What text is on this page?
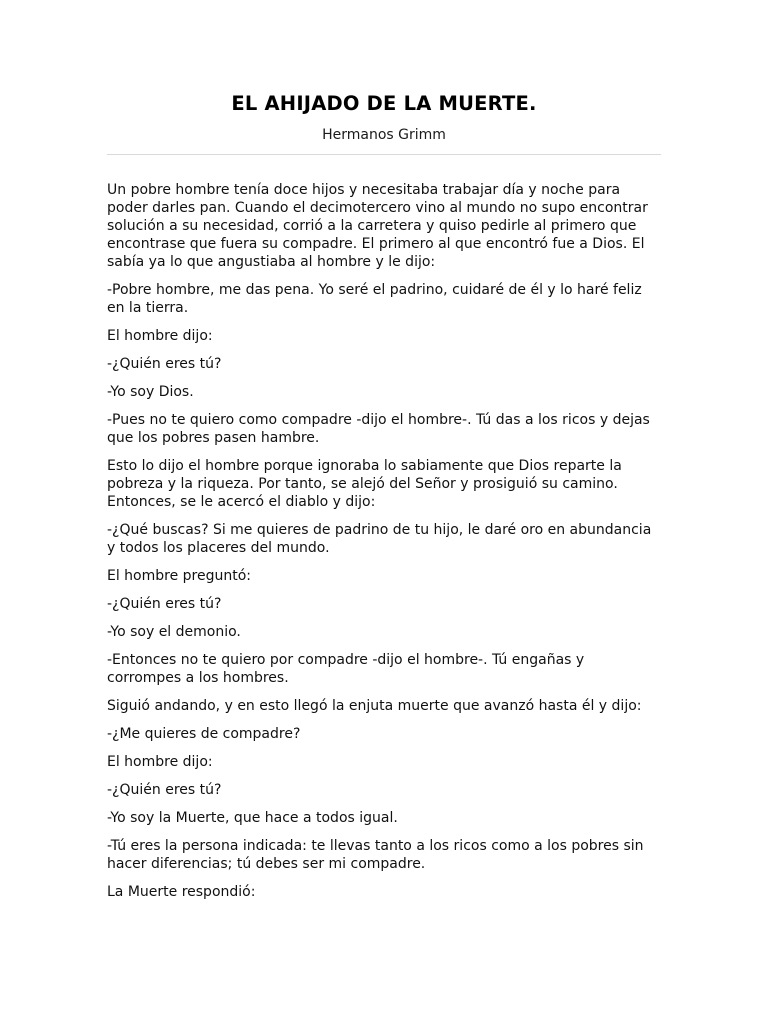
EL AHIJADO DE LA MUERTE.
Hermanos Grimm

Un pobre hombre tenía doce hijos y necesitaba trabajar día y noche para poder darles pan. Cuando el decimotercero vino al mundo no supo encontrar solución a su necesidad, corrió a la carretera y quiso pedirle al primero que encontrase que fuera su compadre. El primero al que encontró fue a Dios. El sabía ya lo que angustiaba al hombre y le dijo:

-Pobre hombre, me das pena. Yo seré el padrino, cuidaré de él y lo haré feliz en la tierra.

El hombre dijo:

-¿Quién eres tú?

-Yo soy Dios.

-Pues no te quiero como compadre -dijo el hombre-. Tú das a los ricos y dejas que los pobres pasen hambre.

Esto lo dijo el hombre porque ignoraba lo sabiamente que Dios reparte la pobreza y la riqueza. Por tanto, se alejó del Señor y prosiguió su camino. Entonces, se le acercó el diablo y dijo:

-¿Qué buscas? Si me quieres de padrino de tu hijo, le daré oro en abundancia y todos los placeres del mundo.

El hombre preguntó:

-¿Quién eres tú?

-Yo soy el demonio.

-Entonces no te quiero por compadre -dijo el hombre-. Tú engañas y corrompes a los hombres.

Siguió andando, y en esto llegó la enjuta muerte que avanzó hasta él y dijo:

-¿Me quieres de compadre?

El hombre dijo:

-¿Quién eres tú?

-Yo soy la Muerte, que hace a todos igual.

-Tú eres la persona indicada: te llevas tanto a los ricos como a los pobres sin hacer diferencias; tú debes ser mi compadre.

La Muerte respondió:
